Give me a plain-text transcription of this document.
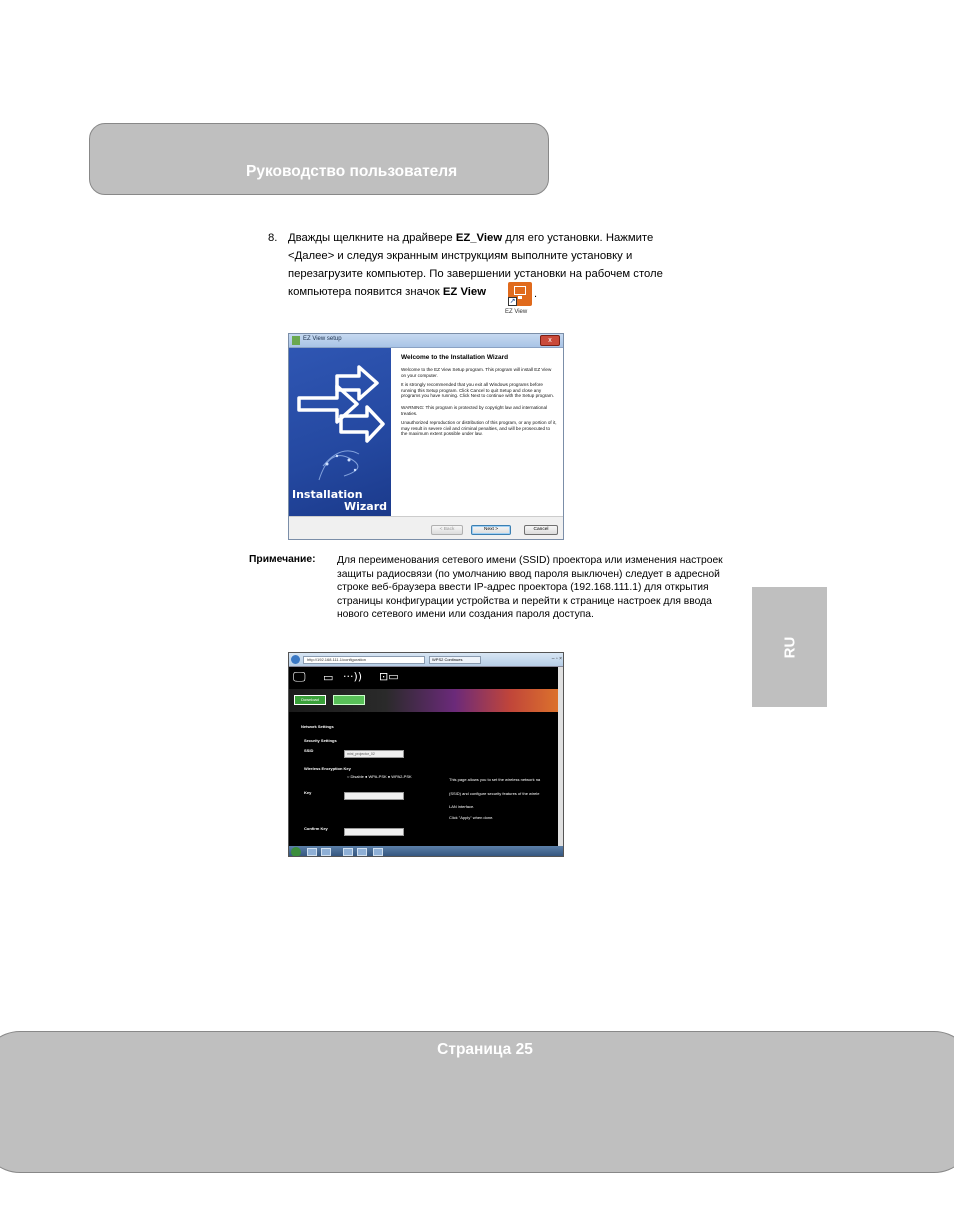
Руководство пользователя
8. Дважды щелкните на драйвере EZ_View для его установки. Нажмите
<Далее> и следуя экранным инструкциям выполните установку и
перезагрузите компьютер. По завершении установки на рабочем столе
компьютера появится значок EZ View
↗
.
EZ View
EZ View setup	x
Installation
Wizard
Welcome to the Installation Wizard

Welcome to the EZ View Setup program. This program will install EZ View on your computer.

It is strongly recommended that you exit all Windows programs before running this Setup program. Click Cancel to quit Setup and close any programs you have running. Click Next to continue with the Setup program.

WARNING: This program is protected by copyright law and international treaties.

Unauthorized reproduction or distribution of this program, or any portion of it, may result in severe civil and criminal penalties, and will be prosecuted to the maximum extent possible under law.

< Back	Next >	Cancel
Примечание: Для переименования сетевого имени (SSID) проектора или изменения настроек защиты радиосвязи (по умолчанию ввод пароля выключен) следует в адресной строке веб-браузера ввести IP-адрес проектора (192.168.111.1) для открытия страницы конфигурации устройства и перейти к странице настроек для ввода нового сетевого имени или создания пароля доступа.
RU
http://192.168.111.1/configuration	WPS2 Continues	– ▫ ×
🖵 ▭ ···)) ⊡▭
Download
Network Settings
Security Settings
SSID
mini_projector_02
Wireless Encryption Key
○ Disable ● WPA-PSK ● WPA2-PSK
Key
This page allows you to set the wireless network na
(SSID) and configure security features of the wirele
LAN interface.
Click "Apply" when done.
Confirm Key
Страница 25
